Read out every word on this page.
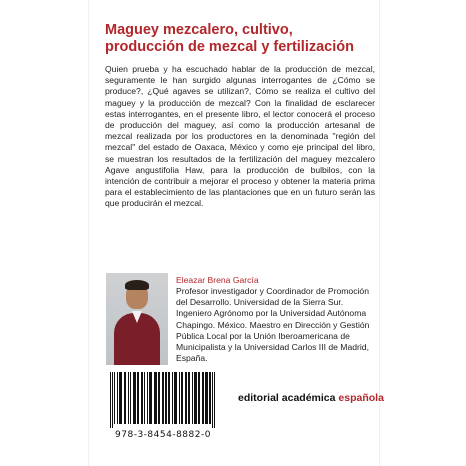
Maguey mezcalero, cultivo, producción de mezcal y fertilización
Quien prueba y ha escuchado hablar de la producción de mezcal, seguramente le han surgido algunas interrogantes de ¿Cómo se produce?, ¿Qué agaves se utilizan?, Cómo se realiza el cultivo del maguey y la producción de mezcal? Con la finalidad de esclarecer estas interrogantes, en el presente libro, el lector conocerá el proceso de producción del maguey, así como la producción artesanal de mezcal realizada por los productores en la denominada "región del mezcal" del estado de Oaxaca, México y como eje principal del libro, se muestran los resultados de la fertilización del maguey mezcalero Agave angustifolia Haw, para la producción de bulbilos, con la intención de contribuir a mejorar el proceso y obtener la materia prima para el establecimiento de las plantaciones que en un futuro serán las que producirán el mezcal.
Eleazar Brena García
Profesor investigador y Coordinador de Promoción del Desarrollo. Universidad de la Sierra Sur. Ingeniero Agrónomo por la Universidad Autónoma Chapingo. México. Maestro en Dirección y Gestión Pública Local por la Unión Iberoamericana de Municipalista y la Universidad Carlos III de Madrid, España.
978-3-8454-8882-0
editorial académica española
